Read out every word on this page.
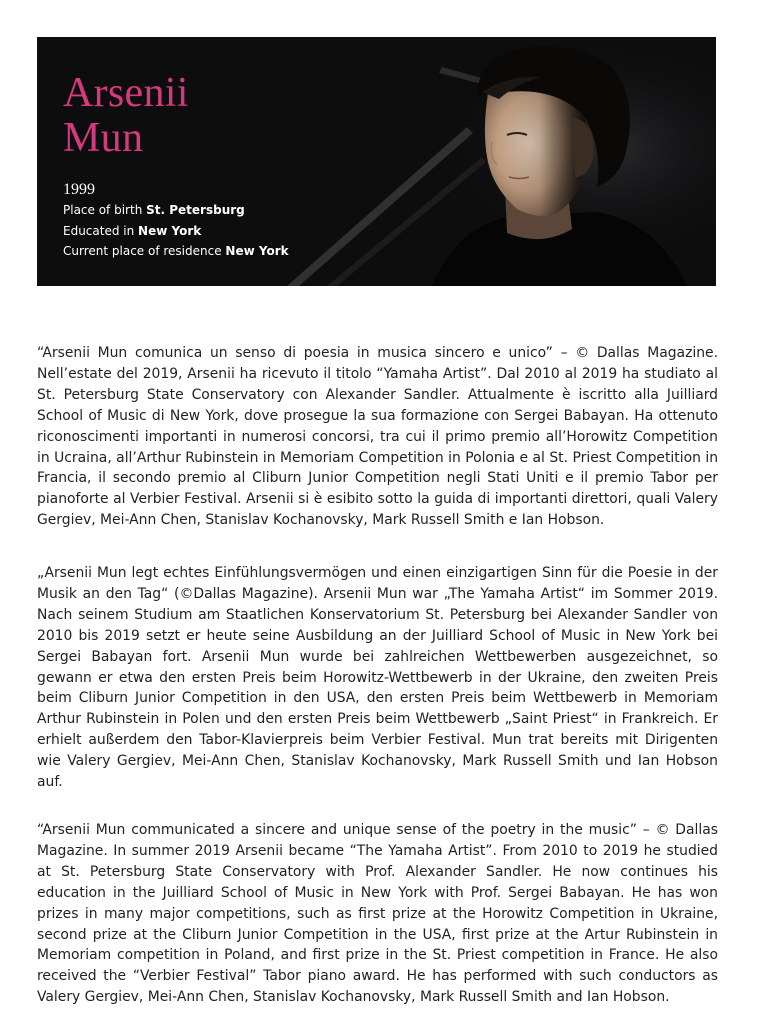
Arsenii
Mun
1999
Place of birth St. Petersburg
Educated in New York
Current place of residence New York

“Arsenii Mun comunica un senso di poesia in musica sincero e unico” – © Dallas Magazine. Nell’estate del 2019, Arsenii ha ricevuto il titolo “Yamaha Artist”. Dal 2010 al 2019 ha studiato al St. Petersburg State Conservatory con Alexander Sandler. Attualmente è iscritto alla Juilliard School of Music di New York, dove prosegue la sua formazione con Sergei Babayan. Ha ottenuto riconoscimenti importanti in numerosi concorsi, tra cui il primo premio all’Horowitz Competition in Ucraina, all’Arthur Rubinstein in Memoriam Competition in Polonia e al St. Priest Competition in Francia, il secondo premio al Cliburn Junior Competition negli Stati Uniti e il premio Tabor per pianoforte al Verbier Festival. Arsenii si è esibito sotto la guida di importanti direttori, quali Valery Gergiev, Mei-Ann Chen, Stanislav Kochanovsky, Mark Russell Smith e Ian Hobson.

„Arsenii Mun legt echtes Einfühlungsvermögen und einen einzigartigen Sinn für die Poesie in der Musik an den Tag“ (©Dallas Magazine). Arsenii Mun war „The Yamaha Artist“ im Sommer 2019. Nach seinem Studium am Staatlichen Konservatorium St. Petersburg bei Alexander Sandler von 2010 bis 2019 setzt er heute seine Ausbildung an der Juilliard School of Music in New York bei Sergei Babayan fort. Arsenii Mun wurde bei zahlreichen Wettbewerben ausgezeichnet, so gewann er etwa den ersten Preis beim Horowitz-Wettbewerb in der Ukraine, den zweiten Preis beim Cliburn Junior Competition in den USA, den ersten Preis beim Wettbewerb in Memoriam Arthur Rubinstein in Polen und den ersten Preis beim Wettbewerb „Saint Priest“ in Frankreich. Er erhielt außerdem den Tabor-Klavierpreis beim Verbier Festival. Mun trat bereits mit Dirigenten wie Valery Gergiev, Mei-Ann Chen, Stanislav Kochanovsky, Mark Russell Smith und Ian Hobson auf.

“Arsenii Mun communicated a sincere and unique sense of the poetry in the music” – © Dallas Magazine. In summer 2019 Arsenii became “The Yamaha Artist”. From 2010 to 2019 he studied at St. Petersburg State Conservatory with Prof. Alexander Sandler. He now continues his education in the Juilliard School of Music in New York with Prof. Sergei Babayan. He has won prizes in many major competitions, such as first prize at the Horowitz Competition in Ukraine, second prize at the Cliburn Junior Competition in the USA, first prize at the Artur Rubinstein in Memoriam competition in Poland, and first prize in the St. Priest competition in France. He also received the “Verbier Festival” Tabor piano award. He has performed with such conductors as Valery Gergiev, Mei-Ann Chen, Stanislav Kochanovsky, Mark Russell Smith and Ian Hobson.
